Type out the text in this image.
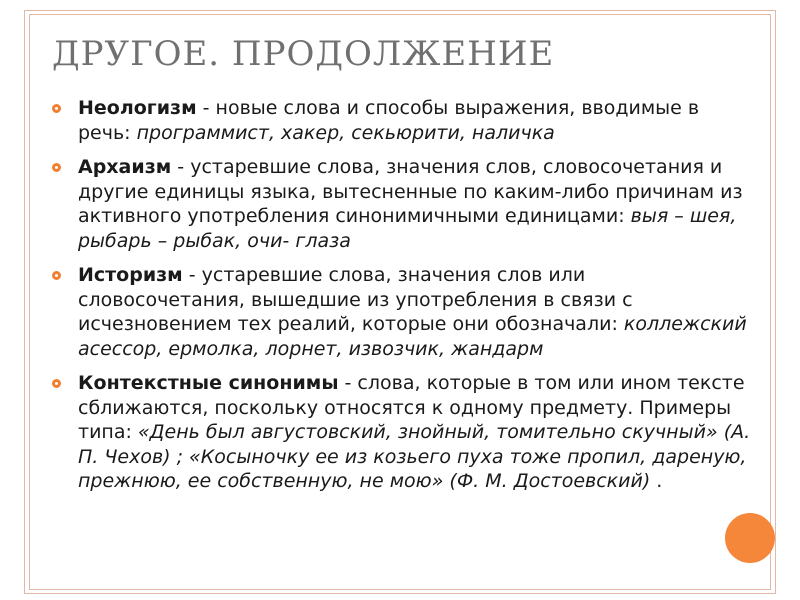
ДРУГОЕ. ПРОДОЛЖЕНИЕ
Неологизм - новые слова и способы выражения, вводимые в речь: программист, хакер, секьюрити, наличка
Архаизм - устаревшие слова, значения слов, словосочетания и другие единицы языка, вытесненные по каким-либо причинам из активного употребления синонимичными единицами: выя – шея, рыбарь – рыбак, очи- глаза
Историзм - устаревшие слова, значения слов или словосочетания, вышедшие из употребления в связи с исчезновением тех реалий, которые они обозначали: коллежский асессор, ермолка, лорнет, извозчик, жандарм
Контекстные синонимы - слова, которые в том или ином тексте сближаются, поскольку относятся к одному предмету. Примеры типа: «День был августовский, знойный, томительно скучный» (А. П. Чехов) ; «Косыночку ее из козьего пуха тоже пропил, дареную, прежнюю, ее собственную, не мою» (Ф. М. Достоевский) .
